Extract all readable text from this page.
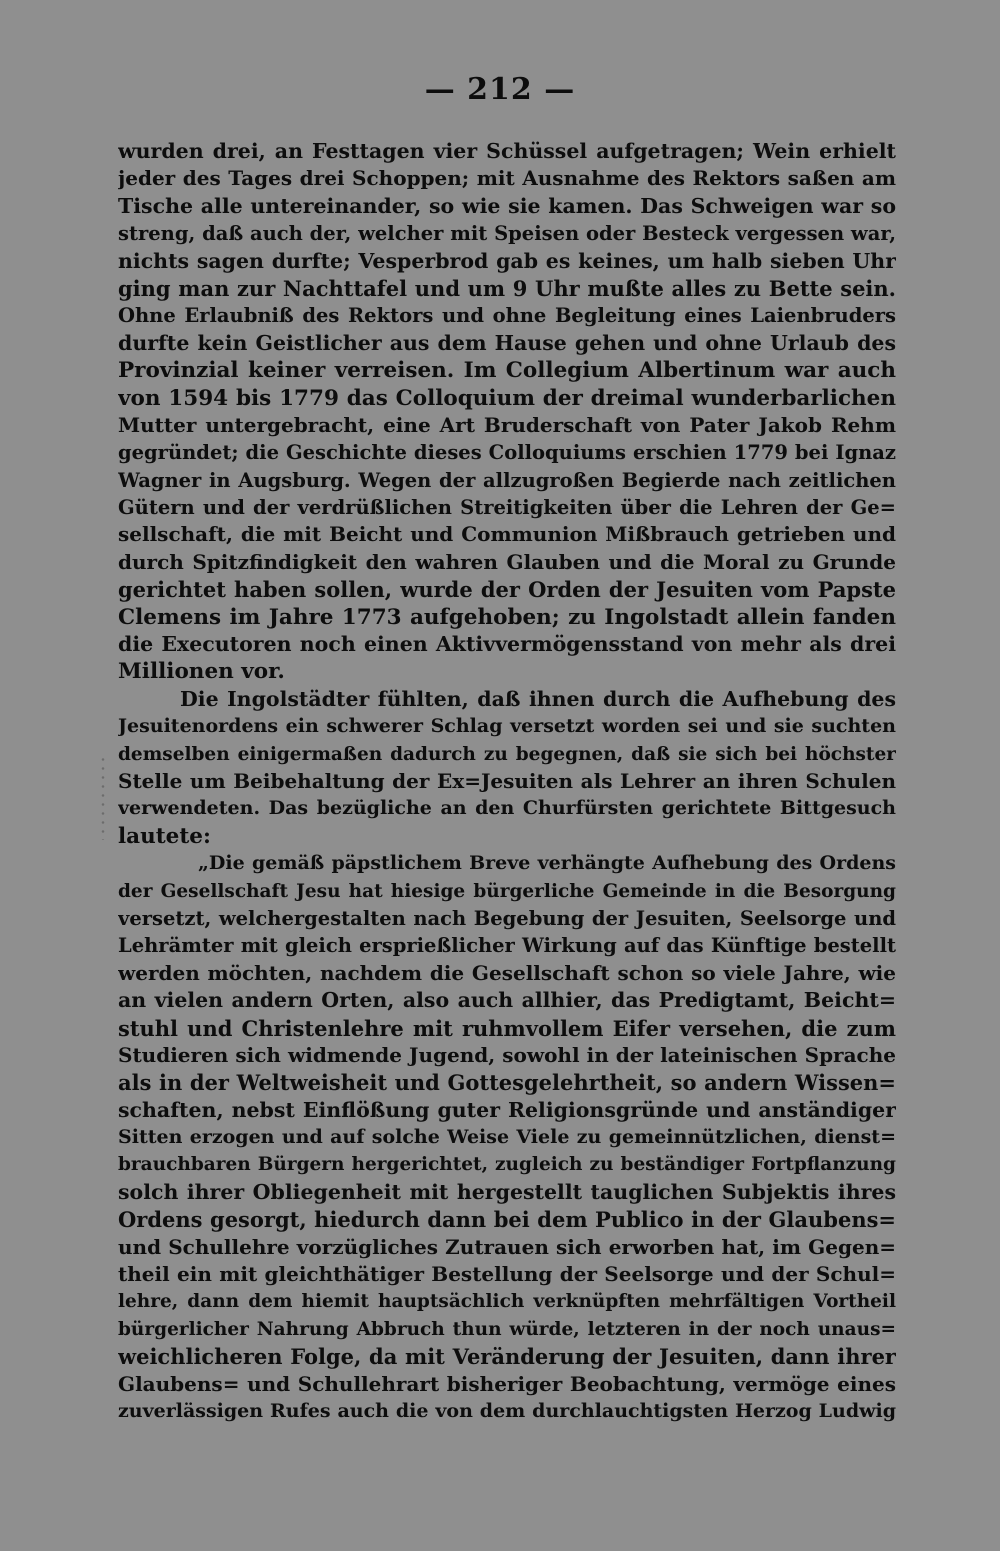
— 212 —
wurden drei, an Festtagen vier Schüssel aufgetragen; Wein erhielt
jeder des Tages drei Schoppen; mit Ausnahme des Rektors saßen am
Tische alle untereinander, so wie sie kamen. Das Schweigen war so
streng, daß auch der, welcher mit Speisen oder Besteck vergessen war,
nichts sagen durfte; Vesperbrod gab es keines, um halb sieben Uhr
ging man zur Nachttafel und um 9 Uhr mußte alles zu Bette sein.
Ohne Erlaubniß des Rektors und ohne Begleitung eines Laienbruders
durfte kein Geistlicher aus dem Hause gehen und ohne Urlaub des
Provinzial keiner verreisen. Im Collegium Albertinum war auch
von 1594 bis 1779 das Colloquium der dreimal wunderbarlichen
Mutter untergebracht, eine Art Bruderschaft von Pater Jakob Rehm
gegründet; die Geschichte dieses Colloquiums erschien 1779 bei Ignaz
Wagner in Augsburg. Wegen der allzugroßen Begierde nach zeitlichen
Gütern und der verdrüßlichen Streitigkeiten über die Lehren der Ge=
sellschaft, die mit Beicht und Communion Mißbrauch getrieben und
durch Spitzfindigkeit den wahren Glauben und die Moral zu Grunde
gerichtet haben sollen, wurde der Orden der Jesuiten vom Papste
Clemens im Jahre 1773 aufgehoben; zu Ingolstadt allein fanden
die Executoren noch einen Aktivvermögensstand von mehr als drei
Millionen vor.
Die Ingolstädter fühlten, daß ihnen durch die Aufhebung des
Jesuitenordens ein schwerer Schlag versetzt worden sei und sie suchten
demselben einigermaßen dadurch zu begegnen, daß sie sich bei höchster
Stelle um Beibehaltung der Ex=Jesuiten als Lehrer an ihren Schulen
verwendeten. Das bezügliche an den Churfürsten gerichtete Bittgesuch
lautete:
„Die gemäß päpstlichem Breve verhängte Aufhebung des Ordens
der Gesellschaft Jesu hat hiesige bürgerliche Gemeinde in die Besorgung
versetzt, welchergestalten nach Begebung der Jesuiten, Seelsorge und
Lehrämter mit gleich ersprießlicher Wirkung auf das Künftige bestellt
werden möchten, nachdem die Gesellschaft schon so viele Jahre, wie
an vielen andern Orten, also auch allhier, das Predigtamt, Beicht=
stuhl und Christenlehre mit ruhmvollem Eifer versehen, die zum
Studieren sich widmende Jugend, sowohl in der lateinischen Sprache
als in der Weltweisheit und Gottesgelehrtheit, so andern Wissen=
schaften, nebst Einflößung guter Religionsgründe und anständiger
Sitten erzogen und auf solche Weise Viele zu gemeinnützlichen, dienst=
brauchbaren Bürgern hergerichtet, zugleich zu beständiger Fortpflanzung
solch ihrer Obliegenheit mit hergestellt tauglichen Subjektis ihres
Ordens gesorgt, hiedurch dann bei dem Publico in der Glaubens=
und Schullehre vorzügliches Zutrauen sich erworben hat, im Gegen=
theil ein mit gleichthätiger Bestellung der Seelsorge und der Schul=
lehre, dann dem hiemit hauptsächlich verknüpften mehrfältigen Vortheil
bürgerlicher Nahrung Abbruch thun würde, letzteren in der noch unaus=
weichlicheren Folge, da mit Veränderung der Jesuiten, dann ihrer
Glaubens= und Schullehrart bisheriger Beobachtung, vermöge eines
zuverlässigen Rufes auch die von dem durchlauchtigsten Herzog Ludwig
